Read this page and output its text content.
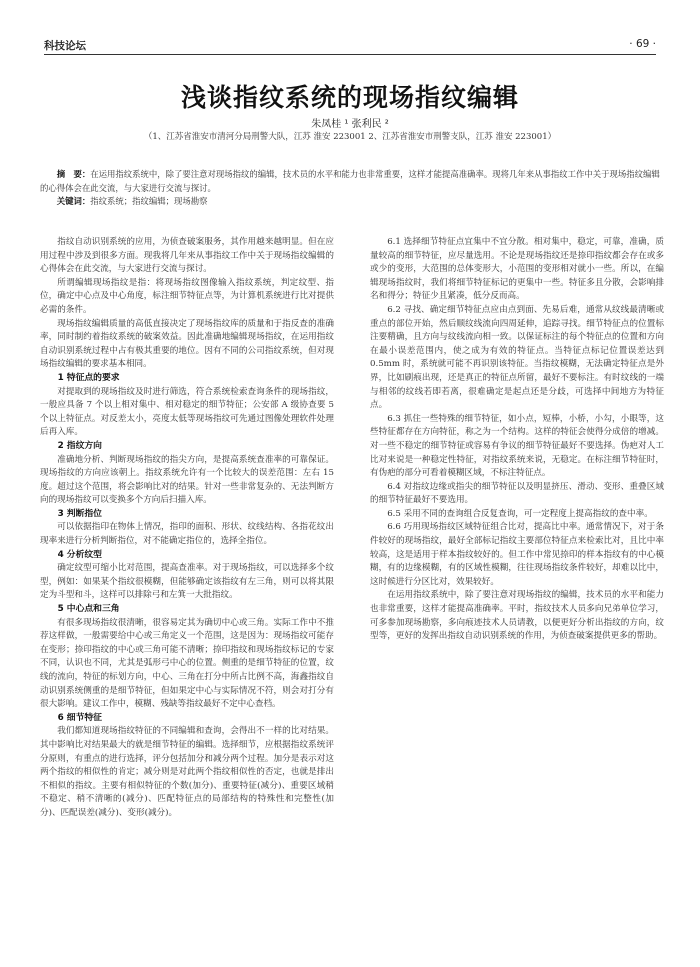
科技论坛	· 69 ·
浅谈指纹系统的现场指纹编辑
朱凤桂 ¹ 张利民 ²
（1、江苏省淮安市清河分局刑警大队，江苏 淮安 223001 2、江苏省淮安市刑警支队，江苏 淮安 223001）

摘　要：在运用指纹系统中，除了要注意对现场指纹的编辑，技术员的水平和能力也非常重要，这样才能提高准确率。现将几年来从事指纹工作中关于现场指纹编辑的心得体会在此交流，与大家进行交流与探讨。

关键词：指纹系统；指纹编辑；现场勘察

指纹自动识别系统的应用，为侦查破案服务，其作用越来越明显。但在应用过程中涉及到很多方面。现我将几年来从事指纹工作中关于现场指纹编辑的心得体会在此交流，与大家进行交流与探讨。

所谓编辑现场指纹是指：将现场指纹图像输入指纹系统，判定纹型、指位，确定中心点及中心角度，标注细节特征点等，为计算机系统进行比对提供必需的条件。

现场指纹编辑质量的高低直接决定了现场指纹库的质量和于指反查的准确率，同时制约着指纹系统的破案效益。因此准确地编辑现场指纹，在运用指纹自动识别系统过程中占有极其重要的地位。因有不同的公司指纹系统，但对现场指纹编辑的要求基本相同。

1 特征点的要求

对提取到的现场指纹及时进行筛选，符合系统检索查询条件的现场指纹，一般应具备 7 个以上相对集中、相对稳定的细节特征；公安部 A 级协查要 5 个以上特征点。对反差太小，亮度太低等现场指纹可先通过图像处理软件处理后再入库。

2 指纹方向

准确地分析、判断现场指纹的指尖方向，是提高系统查准率的可靠保证。现场指纹的方向应该朝上。指纹系统允许有一个比较大的误差范围：左右 15 度。超过这个范围，将会影响比对的结果。针对一些非常复杂的、无法判断方向的现场指纹可以变换多个方向后扫描入库。

3 判断指位

可以依据指印在物体上情况，指印的面积、形状、纹线结构、各指花纹出现率来进行分析判断指位，对不能确定指位的，选择全指位。

4 分析纹型

确定纹型可缩小比对范围，提高查准率。对于现场指纹，可以选择多个纹型，例如：如果某个指纹很模糊，但能够确定该指纹有左三角，则可以将其限定为斗型和斗，这样可以排除弓和左箕一大批指纹。

5 中心点和三角

有很多现场指纹很清晰，很容易定其为确切中心或三角。实际工作中不推荐这样做，一般需要给中心或三角定义一个范围，这是因为：现场指纹可能存在变形；捺印指纹的中心或三角可能不清晰；捺印指纹和现场指纹标记的专家不同，认识也不同，尤其是弧形弓中心的位置。侧重的是细节特征的位置，纹线的流向，特征的标划方向，中心、三角在打分中所占比例不高，海鑫指纹自动识别系统侧重的是细节特征，但如果定中心与实际情况不符，则会对打分有很大影响。建议工作中，模糊、残缺等指纹最好不定中心查档。

6 细节特征

我们都知道现场指纹特征的不同编辑和查询，会得出不一样的比对结果。其中影响比对结果最大的就是细节特征的编辑。选择细节，应根据指纹系统评分原则，有重点的进行选择，评分包括加分和减分两个过程。加分是表示对这两个指纹的相似性的肯定；减分则是对此两个指纹相似性的否定，也就是排出不相似的指纹。主要有相似特征的个数(加分)、重要特征(减分)、重要区域稍不稳定、稍不清晰的(减分)、匹配特征点的局部结构的特殊性和完整性(加分)、匹配误差(减分)、变形(减分)。

6.1 选择细节特征点宜集中不宜分散。相对集中，稳定，可靠，准确，质量较高的细节特征，应尽量选用。不论是现场指纹还是捺印指纹都会存在或多或少的变形，大范围的总体变形大，小范围的变形相对就小一些。所以，在编辑现场指纹时，我们将细节特征标记的更集中一些。特征多且分散，会影响排名和得分；特征少且紧凑，低分反而高。

6.2 寻找、确定细节特征点应由点到面、先易后难，通常从纹线最清晰或重点的部位开始，然后顺纹线流向四周延伸，追踪寻找。细节特征点的位置标注要精确，且方向与纹线流向相一致。以保证标注的每个特征点的位置和方向在最小误差范围内，使之成为有效的特征点。当特征点标记位置误差达到 0.5mm 时，系统就可能不再识别该特征。当指纹模糊，无法确定特征点是外界，比如刷痕出现，还是真正的特征点所留，最好不要标注。有时纹线的一端与相邻的纹线若即若离，很难确定是起点还是分歧，可选择中间地方为特征点。

6.3 抓住一些特殊的细节特征，如小点，短棒，小桥，小勾，小眼等，这些特征都存在方向特征，称之为一个结构。这样的特征会使得分成倍的增减。对一些不稳定的细节特征或容易有争议的细节特征最好不要选择。伪疤对人工比对来说是一种稳定性特征，对指纹系统来说，无稳定。在标注细节特征时，有伪疤的部分可看着模糊区域，不标注特征点。

6.4 对指纹边缘或指尖的细节特征以及明显挤压、滑动、变形、重叠区域的细节特征最好不要选用。

6.5 采用不同的查询组合反复查询，可一定程度上提高指纹的查中率。

6.6 巧用现场指纹区域特征组合比对，提高比中率。通常情况下，对于条件较好的现场指纹，最好全部标记指纹主要部位特征点来检索比对，且比中率较高，这是适用于样本指纹较好的。但工作中常见捺印的样本指纹有的中心模糊，有的边缘模糊，有的区域性模糊，往往现场指纹条件较好，却难以比中，这时候进行分区比对，效果较好。

在运用指纹系统中，除了要注意对现场指纹的编辑，技术员的水平和能力也非常重要，这样才能提高准确率。平时，指纹技术人员多向兄弟单位学习，可多参加现场勘察，多向痕迹技术人员请教，以便更好分析出指纹的方向，纹型等，更好的发挥出指纹自动识别系统的作用，为侦查破案提供更多的帮助。
